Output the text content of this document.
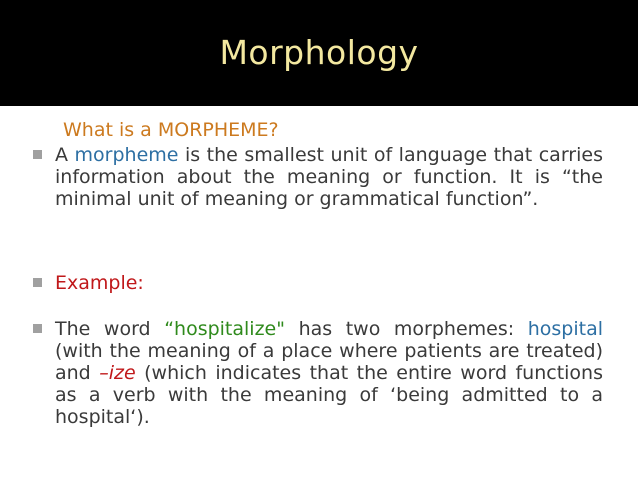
Morphology
What is a MORPHEME?
A morpheme is the smallest unit of language that carries information about the meaning or function. It is “the minimal unit of meaning or grammatical function”.
Example:
The word “hospitalize" has two morphemes: hospital (with the meaning of a place where patients are treated) and –ize (which indicates that the entire word functions as a verb with the meaning of ‘being admitted to a hospital‘).
